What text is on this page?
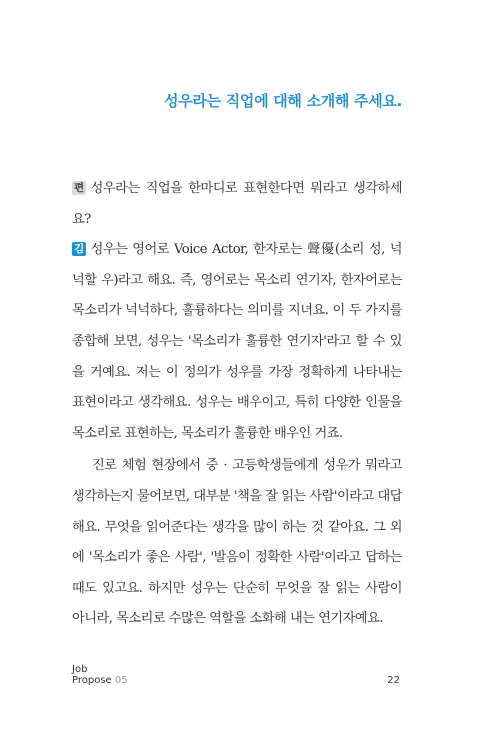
성우라는 직업에 대해 소개해 주세요.

편 성우라는 직업을 한마디로 표현한다면 뭐라고 생각하세요?

김 성우는 영어로 Voice Actor, 한자로는 聲優(소리 성, 넉넉할 우)라고 해요. 즉, 영어로는 목소리 연기자, 한자어로는 목소리가 넉넉하다, 훌륭하다는 의미를 지녀요. 이 두 가지를 종합해 보면, 성우는 '목소리가 훌륭한 연기자'라고 할 수 있을 거예요. 저는 이 정의가 성우를 가장 정확하게 나타내는 표현이라고 생각해요. 성우는 배우이고, 특히 다양한 인물을 목소리로 표현하는, 목소리가 훌륭한 배우인 거죠.

진로 체험 현장에서 중 · 고등학생들에게 성우가 뭐라고 생각하는지 물어보면, 대부분 '책을 잘 읽는 사람'이라고 대답해요. 무엇을 읽어준다는 생각을 많이 하는 것 같아요. 그 외에 '목소리가 좋은 사람', '발음이 정확한 사람'이라고 답하는 때도 있고요. 하지만 성우는 단순히 무엇을 잘 읽는 사람이 아니라, 목소리로 수많은 역할을 소화해 내는 연기자예요.

Job
Propose 05	22
